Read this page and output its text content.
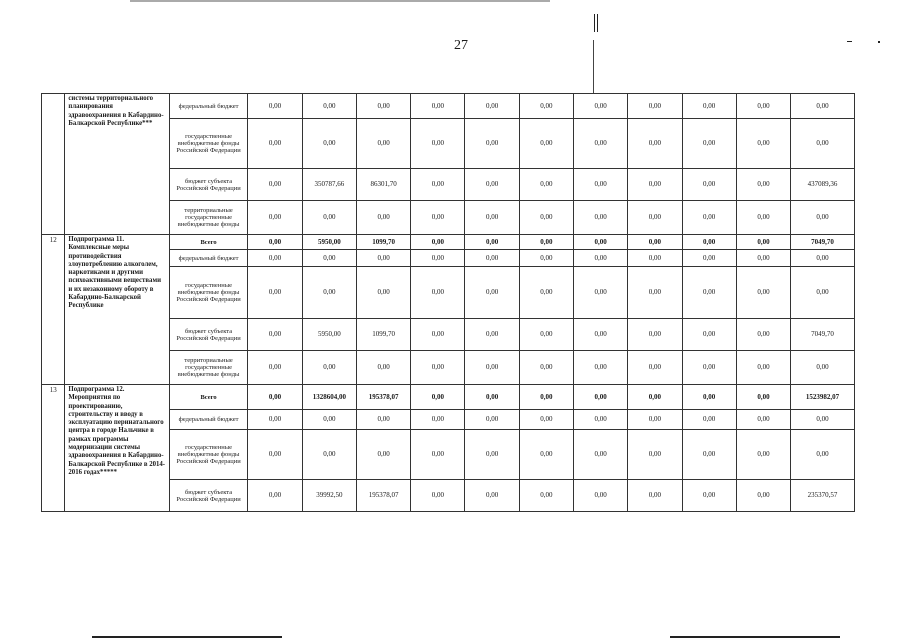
27
	системы территориального планирования здравоохранения в Кабардино-Балкарской Республике***	федеральный бюджет	0,00	0,00	0,00	0,00	0,00	0,00	0,00	0,00	0,00	0,00	0,00
		государственные внебюджетные фонды Российской Федерации	0,00	0,00	0,00	0,00	0,00	0,00	0,00	0,00	0,00	0,00	0,00
		бюджет субъекта Российской Федерации	0,00	350787,66	86301,70	0,00	0,00	0,00	0,00	0,00	0,00	0,00	437089,36
		территориальные государственные внебюджетные фонды	0,00	0,00	0,00	0,00	0,00	0,00	0,00	0,00	0,00	0,00	0,00
12	Подпрограмма 11. Комплексные меры противодействия злоупотреблению алкоголем, наркотиками и другими психоактивными веществами и их незаконному обороту в Кабардино-Балкарской Республике	Всего	0,00	5950,00	1099,70	0,00	0,00	0,00	0,00	0,00	0,00	0,00	7049,70
		федеральный бюджет	0,00	0,00	0,00	0,00	0,00	0,00	0,00	0,00	0,00	0,00	0,00
		государственные внебюджетные фонды Российской Федерации	0,00	0,00	0,00	0,00	0,00	0,00	0,00	0,00	0,00	0,00	0,00
		бюджет субъекта Российской Федерации	0,00	5950,00	1099,70	0,00	0,00	0,00	0,00	0,00	0,00	0,00	7049,70
		территориальные государственные внебюджетные фонды	0,00	0,00	0,00	0,00	0,00	0,00	0,00	0,00	0,00	0,00	0,00
13	Подпрограмма 12. Мероприятия по проектированию, строительству и вводу в эксплуатацию перинатального центра в городе Нальчике в рамках программы модернизации системы здравоохранения в Кабардино-Балкарской Республике в 2014-2016 годах*****	Всего	0,00	1328604,00	195378,07	0,00	0,00	0,00	0,00	0,00	0,00	0,00	1523982,07
		федеральный бюджет	0,00	0,00	0,00	0,00	0,00	0,00	0,00	0,00	0,00	0,00	0,00
		государственные внебюджетные фонды Российской Федерации	0,00	0,00	0,00	0,00	0,00	0,00	0,00	0,00	0,00	0,00	0,00
		бюджет субъекта Российской Федерации	0,00	39992,50	195378,07	0,00	0,00	0,00	0,00	0,00	0,00	0,00	235370,57
